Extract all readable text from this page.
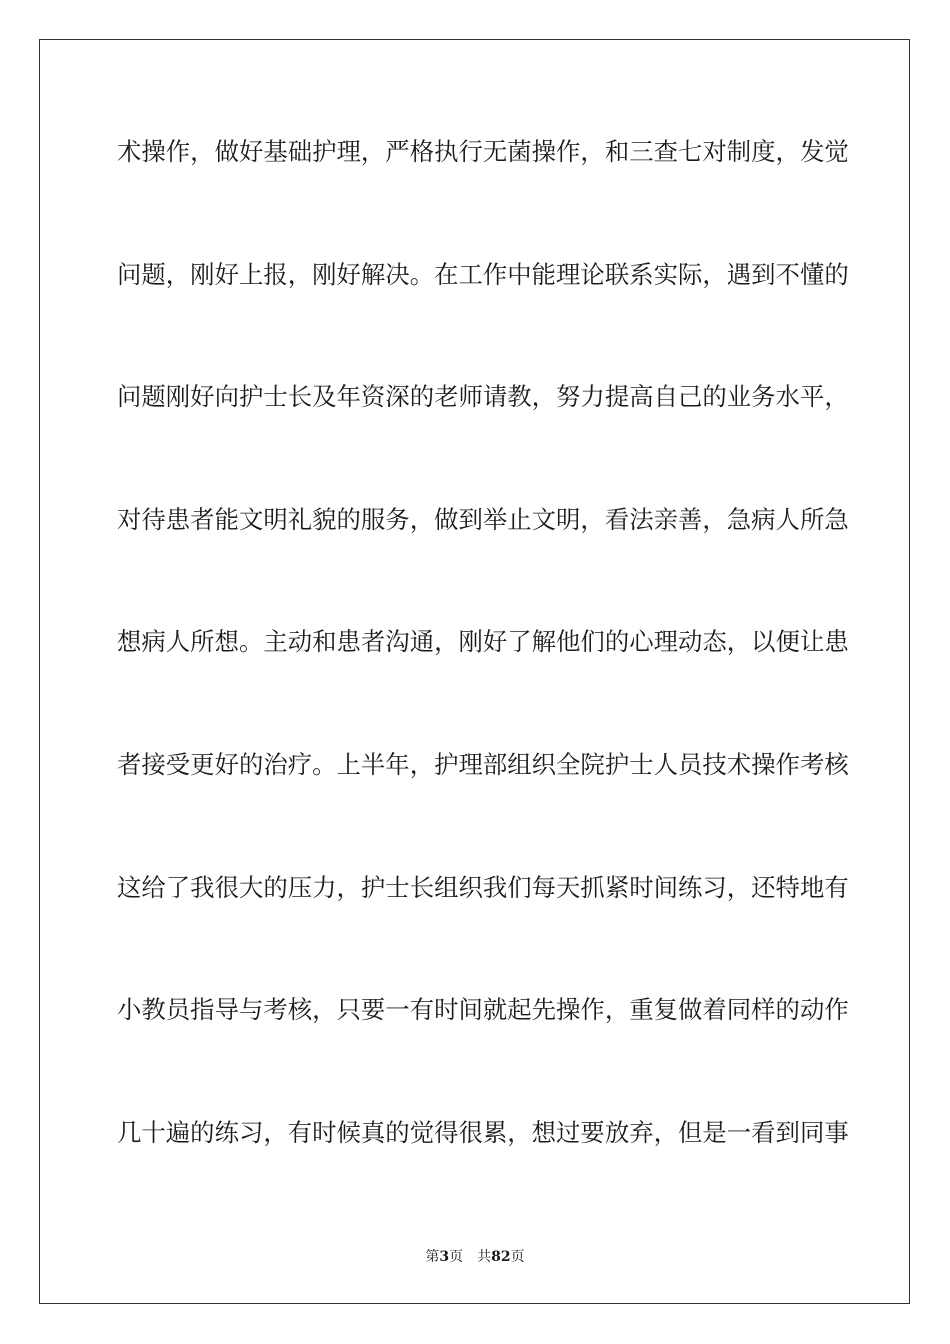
术操作，做好基础护理，严格执行无菌操作，和三查七对制度，发觉
问题，刚好上报，刚好解决。在工作中能理论联系实际，遇到不懂的
问题刚好向护士长及年资深的老师请教，努力提高自己的业务水平，
对待患者能文明礼貌的服务，做到举止文明，看法亲善，急病人所急
想病人所想。主动和患者沟通，刚好了解他们的心理动态，以便让患
者接受更好的治疗。上半年，护理部组织全院护士人员技术操作考核
这给了我很大的压力，护士长组织我们每天抓紧时间练习，还特地有
小教员指导与考核，只要一有时间就起先操作，重复做着同样的动作
几十遍的练习，有时候真的觉得很累，想过要放弃，但是一看到同事
第3页 共82页
